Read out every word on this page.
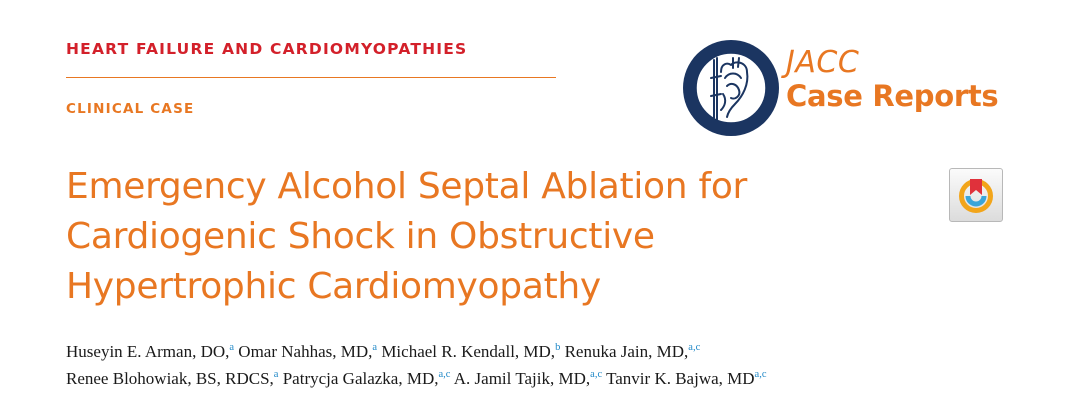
HEART FAILURE AND CARDIOMYOPATHIES
CLINICAL CASE
JACC
Case Reports
Emergency Alcohol Septal Ablation for
Cardiogenic Shock in Obstructive
Hypertrophic Cardiomyopathy
Huseyin E. Arman, DO,$^a$ Omar Nahhas, MD,$^a$ Michael R. Kendall, MD,$^b$ Renuka Jain, MD,$^{a,c}$
Renee Blohowiak, BS, RDCS,$^a$ Patrycja Galazka, MD,$^{a,c}$ A. Jamil Tajik, MD,$^{a,c}$ Tanvir K. Bajwa, MD$^{a,c}$
